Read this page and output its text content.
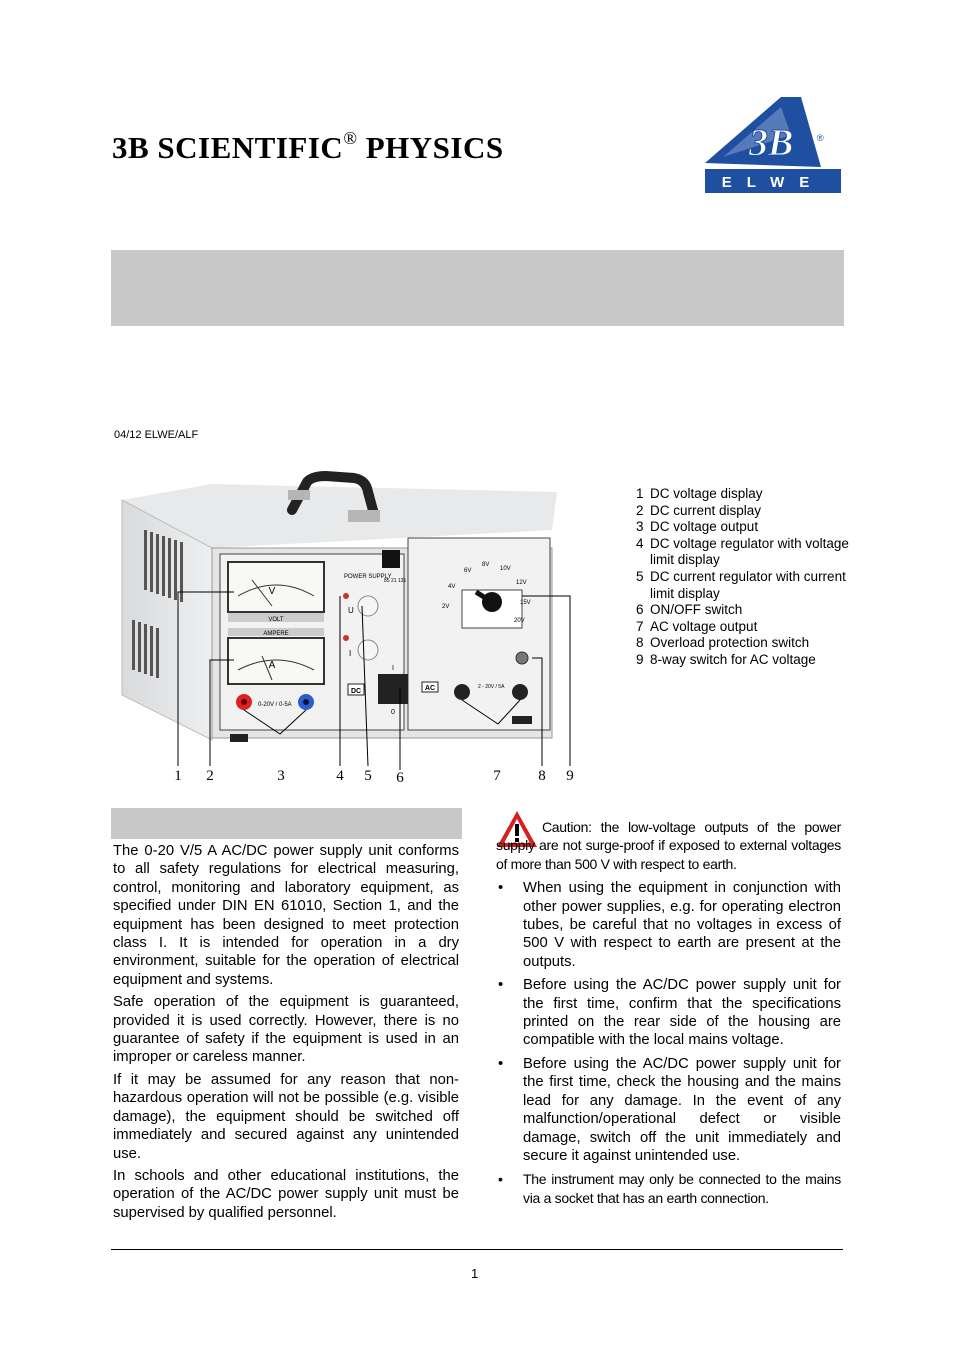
3B SCIENTIFIC® PHYSICS	3B	®
ELWE
04/12 ELWE/ALF
V
VOLT
AMPERE
A
POWER SUPPLY
85 21 131
U
I
DC
0-20V / 0-5A
I
0
2V
4V
6V
8V
10V
12V
15V
20V
AC	2 - 20V / 5A
1 2	3	4 5 6	7	8 9
1 DC voltage display
2 DC current display
3 DC voltage output
4 DC voltage regulator with voltage limit display
5 DC current regulator with current limit display
6 ON/OFF switch
7 AC voltage output
8 Overload protection switch
9 8-way switch for AC voltage

The 0-20 V/5 A AC/DC power supply unit conforms to all safety regulations for electrical measuring, control, monitoring and laboratory equipment, as specified under DIN EN 61010, Section 1, and the equipment has been designed to meet protection class I. It is intended for operation in a dry environment, suitable for the operation of electrical equipment and systems.

Safe operation of the equipment is guaranteed, provided it is used correctly. However, there is no guarantee of safety if the equipment is used in an improper or careless manner.

If it may be assumed for any reason that non-hazardous operation will not be possible (e.g. visible damage), the equipment should be switched off immediately and secured against any unintended use.

In schools and other educational institutions, the operation of the AC/DC power supply unit must be supervised by qualified personnel.

Caution: the low-voltage outputs of the power supply are not surge-proof if exposed to external voltages of more than 500 V with respect to earth.

• When using the equipment in conjunction with other power supplies, e.g. for operating electron tubes, be careful that no voltages in excess of 500 V with respect to earth are present at the outputs.
• Before using the AC/DC power supply unit for the first time, confirm that the specifications printed on the rear side of the housing are compatible with the local mains voltage.
• Before using the AC/DC power supply unit for the first time, check the housing and the mains lead for any damage. In the event of any malfunction/operational defect or visible damage, switch off the unit immediately and secure it against unintended use.
• The instrument may only be connected to the mains via a socket that has an earth connection.
1
